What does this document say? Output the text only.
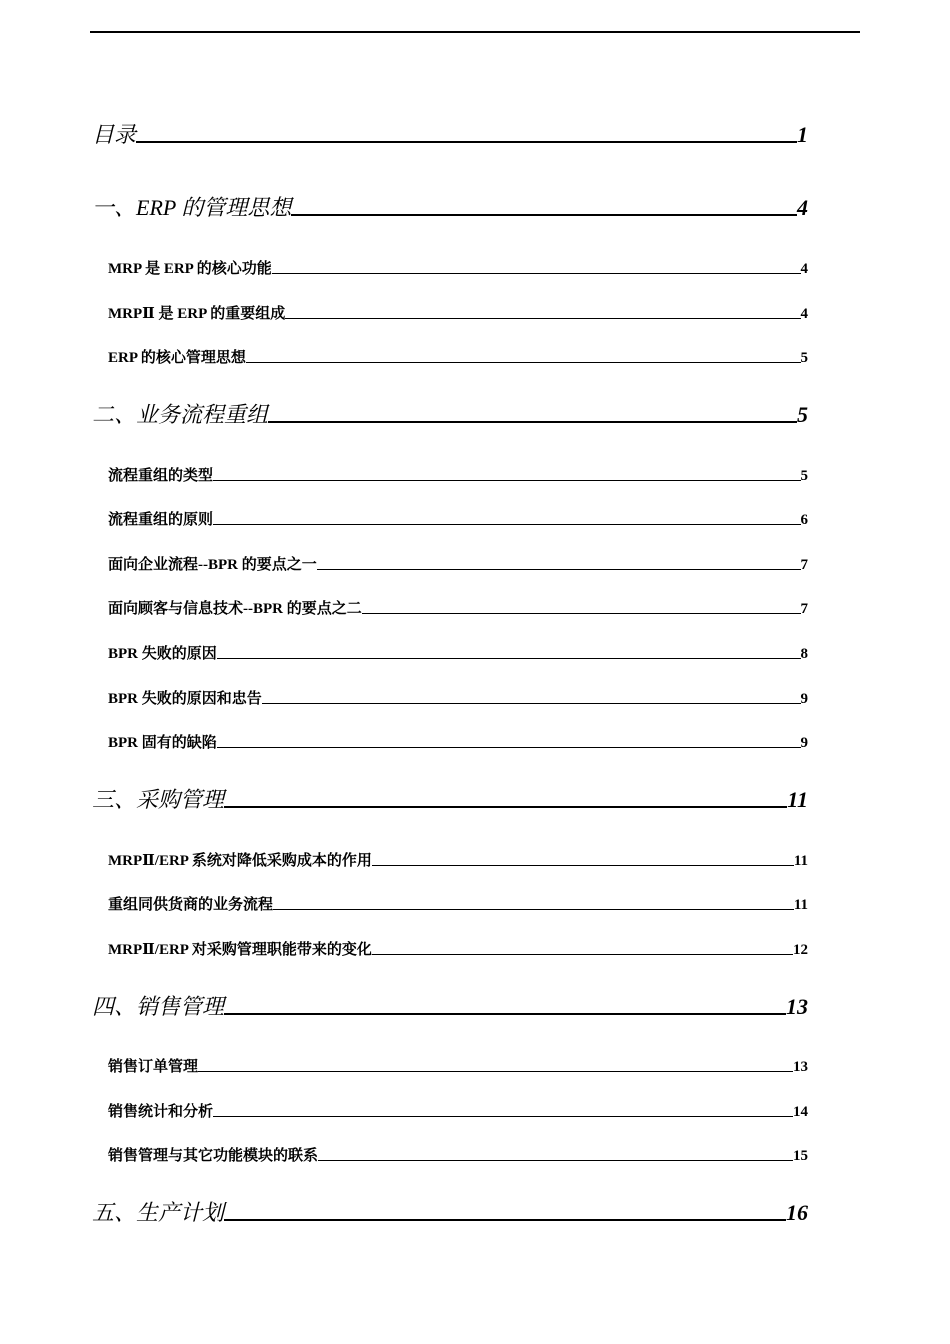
目录	1
一、ERP 的管理思想	4
MRP 是 ERP 的核心功能	4
MRPⅡ 是 ERP 的重要组成	4
ERP 的核心管理思想	5
二、业务流程重组	5
流程重组的类型	5
流程重组的原则	6
面向企业流程--BPR 的要点之一	7
面向顾客与信息技术--BPR 的要点之二	7
BPR 失败的原因	8
BPR 失败的原因和忠告	9
BPR 固有的缺陷	9
三、采购管理	11
MRPⅡ/ERP 系统对降低采购成本的作用	11
重组同供货商的业务流程	11
MRPⅡ/ERP 对采购管理职能带来的变化	12
四、销售管理	13
销售订单管理	13
销售统计和分析	14
销售管理与其它功能模块的联系	15
五、生产计划	16
